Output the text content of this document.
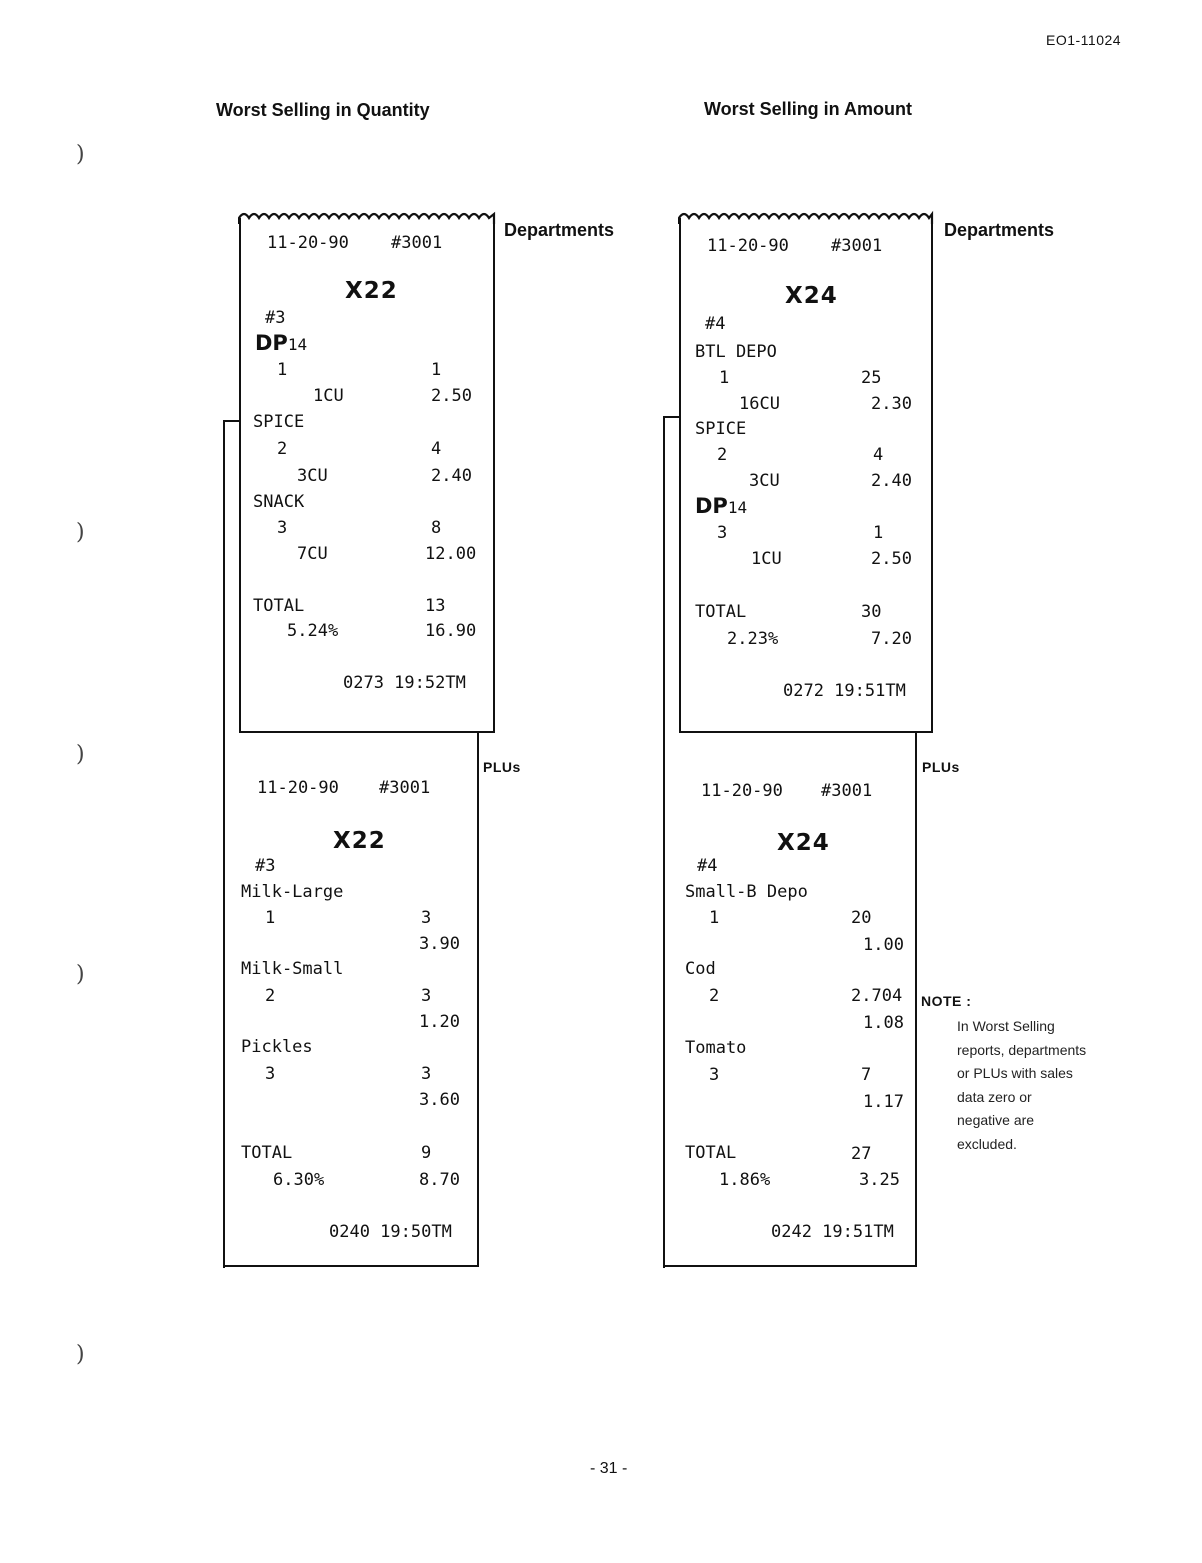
EO1-11024
Worst Selling in Quantity	Worst Selling in Amount
)
)
)
)
)
11-20-90 #3001
X22
#3
Milk-Large
1	3
3.90
Milk-Small
2	3
1.20
Pickles
3	3
3.60
TOTAL	9
6.30%	8.70
0240 19:50TM
11-20-90 #3001
X22
#3
DP14
1	1
1CU	2.50
SPICE
2	4
3CU	2.40
SNACK
3	8
7CU	12.00
TOTAL	13
5.24%	16.90
0273 19:52TM
Departments
PLUs
11-20-90 #3001
X24
#4
Small-B Depo
1	20
1.00
Cod
2	2.704
1.08
Tomato
3	7
1.17
TOTAL	27
1.86%	3.25
0242 19:51TM
11-20-90 #3001
X24
#4
BTL DEPO
1	25
16CU	2.30
SPICE
2	4
3CU	2.40
DP14
3	1
1CU	2.50
TOTAL	30
2.23%	7.20
0272 19:51TM
Departments
PLUs
NOTE :
In Worst Selling reports, departments or PLUs with sales data zero or negative are excluded.
- 31 -
